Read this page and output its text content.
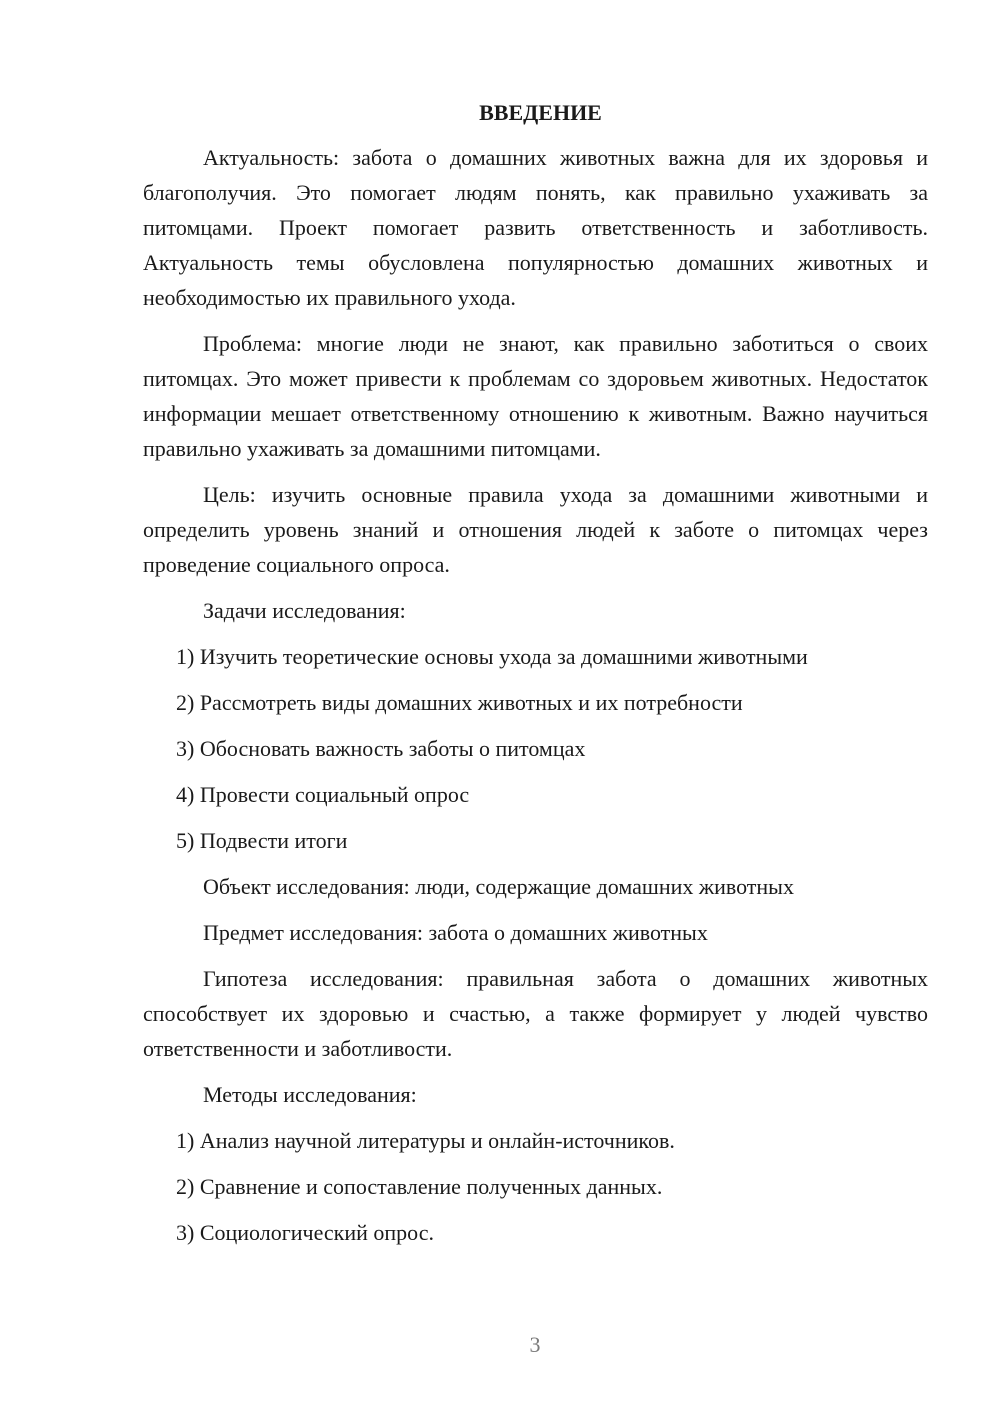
ВВЕДЕНИЕ

Актуальность: забота о домашних животных важна для их здоровья и благополучия. Это помогает людям понять, как правильно ухаживать за питомцами. Проект помогает развить ответственность и заботливость. Актуальность темы обусловлена популярностью домашних животных и необходимостью их правильного ухода.

Проблема: многие люди не знают, как правильно заботиться о своих питомцах. Это может привести к проблемам со здоровьем животных. Недостаток информации мешает ответственному отношению к животным. Важно научиться правильно ухаживать за домашними питомцами.

Цель: изучить основные правила ухода за домашними животными и определить уровень знаний и отношения людей к заботе о питомцах через проведение социального опроса.

Задачи исследования:
1) Изучить теоретические основы ухода за домашними животными
2) Рассмотреть виды домашних животных и их потребности
3) Обосновать важность заботы о питомцах
4) Провести социальный опрос
5) Подвести итоги
Объект исследования: люди, содержащие домашних животных
Предмет исследования: забота о домашних животных

Гипотеза исследования: правильная забота о домашних животных способствует их здоровью и счастью, а также формирует у людей чувство ответственности и заботливости.

Методы исследования:
1) Анализ научной литературы и онлайн-источников.
2) Сравнение и сопоставление полученных данных.
3) Социологический опрос.
3
